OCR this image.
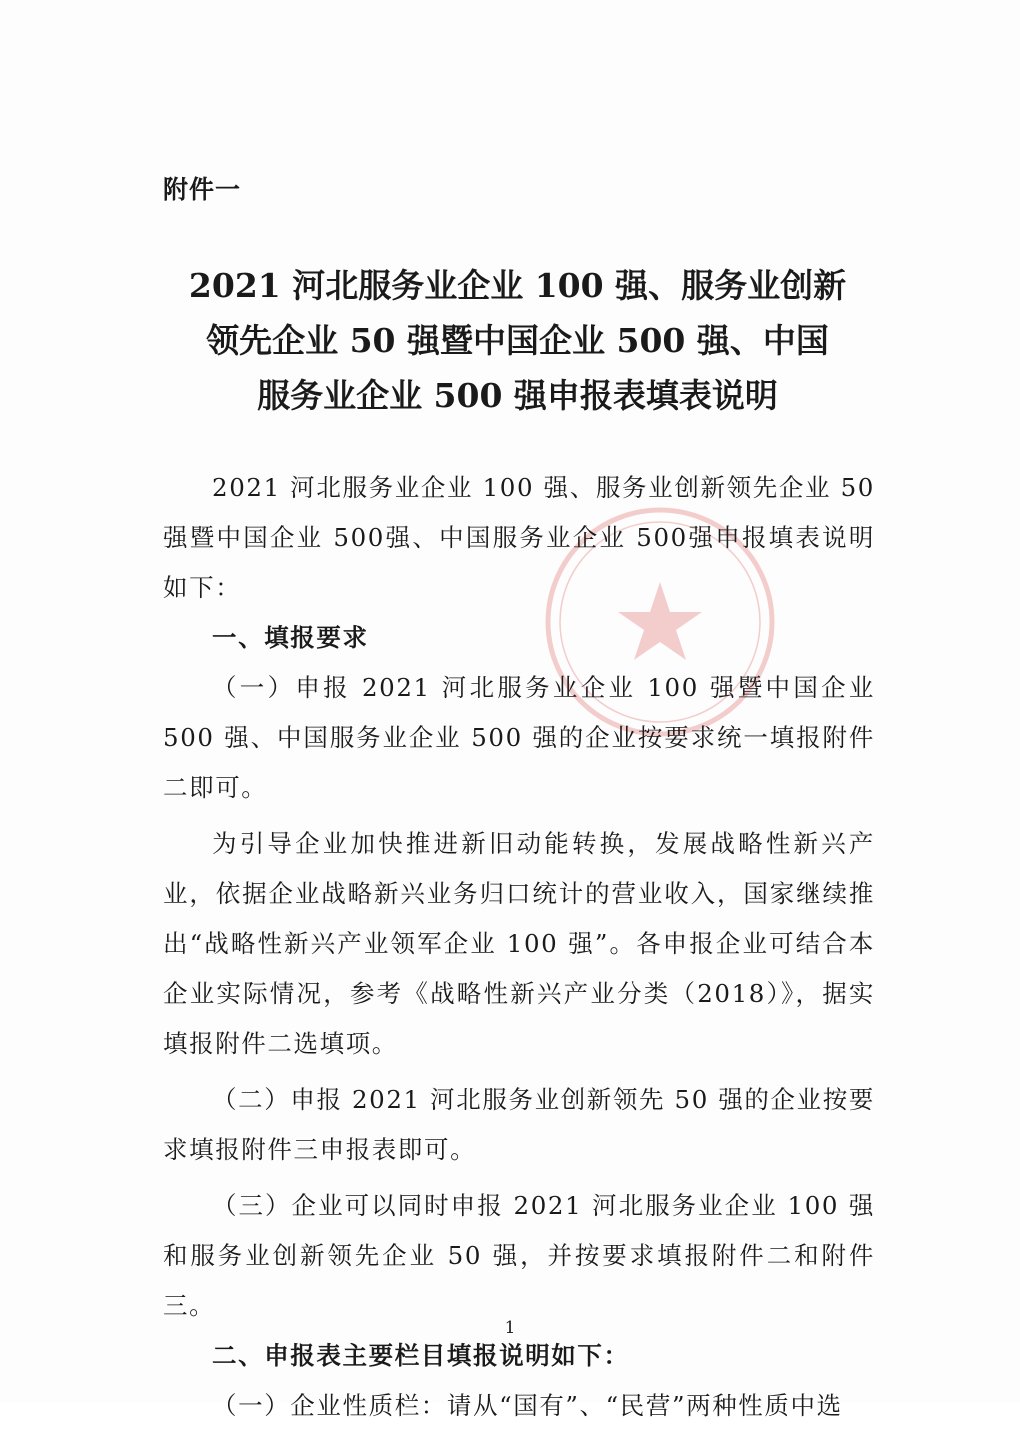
附件一
2021 河北服务业企业 100 强、服务业创新
领先企业 50 强暨中国企业 500 强、中国
服务业企业 500 强申报表填表说明

2021 河北服务业企业 100 强、服务业创新领先企业 50 强暨中国企业 500强、中国服务业企业 500强申报填表说明如下：

一、填报要求

（一）申报 2021 河北服务业企业 100 强暨中国企业 500 强、中国服务业企业 500 强的企业按要求统一填报附件二即可。

为引导企业加快推进新旧动能转换，发展战略性新兴产业，依据企业战略新兴业务归口统计的营业收入，国家继续推出“战略性新兴产业领军企业 100 强”。各申报企业可结合本企业实际情况，参考《战略性新兴产业分类（2018）》，据实填报附件二选填项。

（二）申报 2021 河北服务业创新领先 50 强的企业按要求填报附件三申报表即可。

（三）企业可以同时申报 2021 河北服务业企业 100 强和服务业创新领先企业 50 强，并按要求填报附件二和附件三。

二、申报表主要栏目填报说明如下：

（一）企业性质栏：请从“国有”、“民营”两种性质中选

1
